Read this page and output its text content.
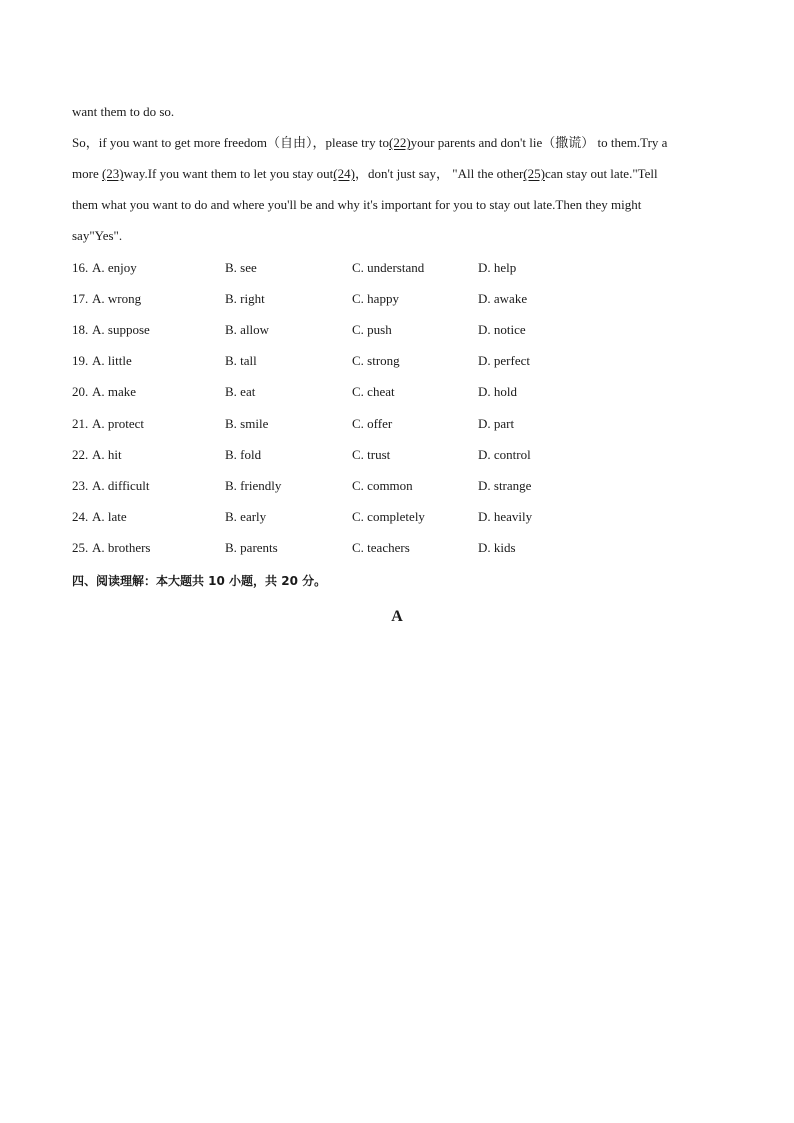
want them to do so.
So，if you want to get more freedom（自由），please try to(22)your parents and don't lie（撒谎） to them.Try a
more (23)way.If you want them to let you stay out(24)，don't just say， "All the other(25)can stay out late."Tell
them what you want to do and where you'll be and why it's important for you to stay out late.Then they might
say"Yes".
16. A. enjoy	B. see	C. understand	D. help
17. A. wrong	B. right	C. happy	D. awake
18. A. suppose	B. allow	C. push	D. notice
19. A. little	B. tall	C. strong	D. perfect
20. A. make	B. eat	C. cheat	D. hold
21. A. protect	B. smile	C. offer	D. part
22. A. hit	B. fold	C. trust	D. control
23. A. difficult	B. friendly	C. common	D. strange
24. A. late	B. early	C. completely	D. heavily
25. A. brothers	B. parents	C. teachers	D. kids
四、阅读理解：本大题共 10 小题，共 20 分。
A
